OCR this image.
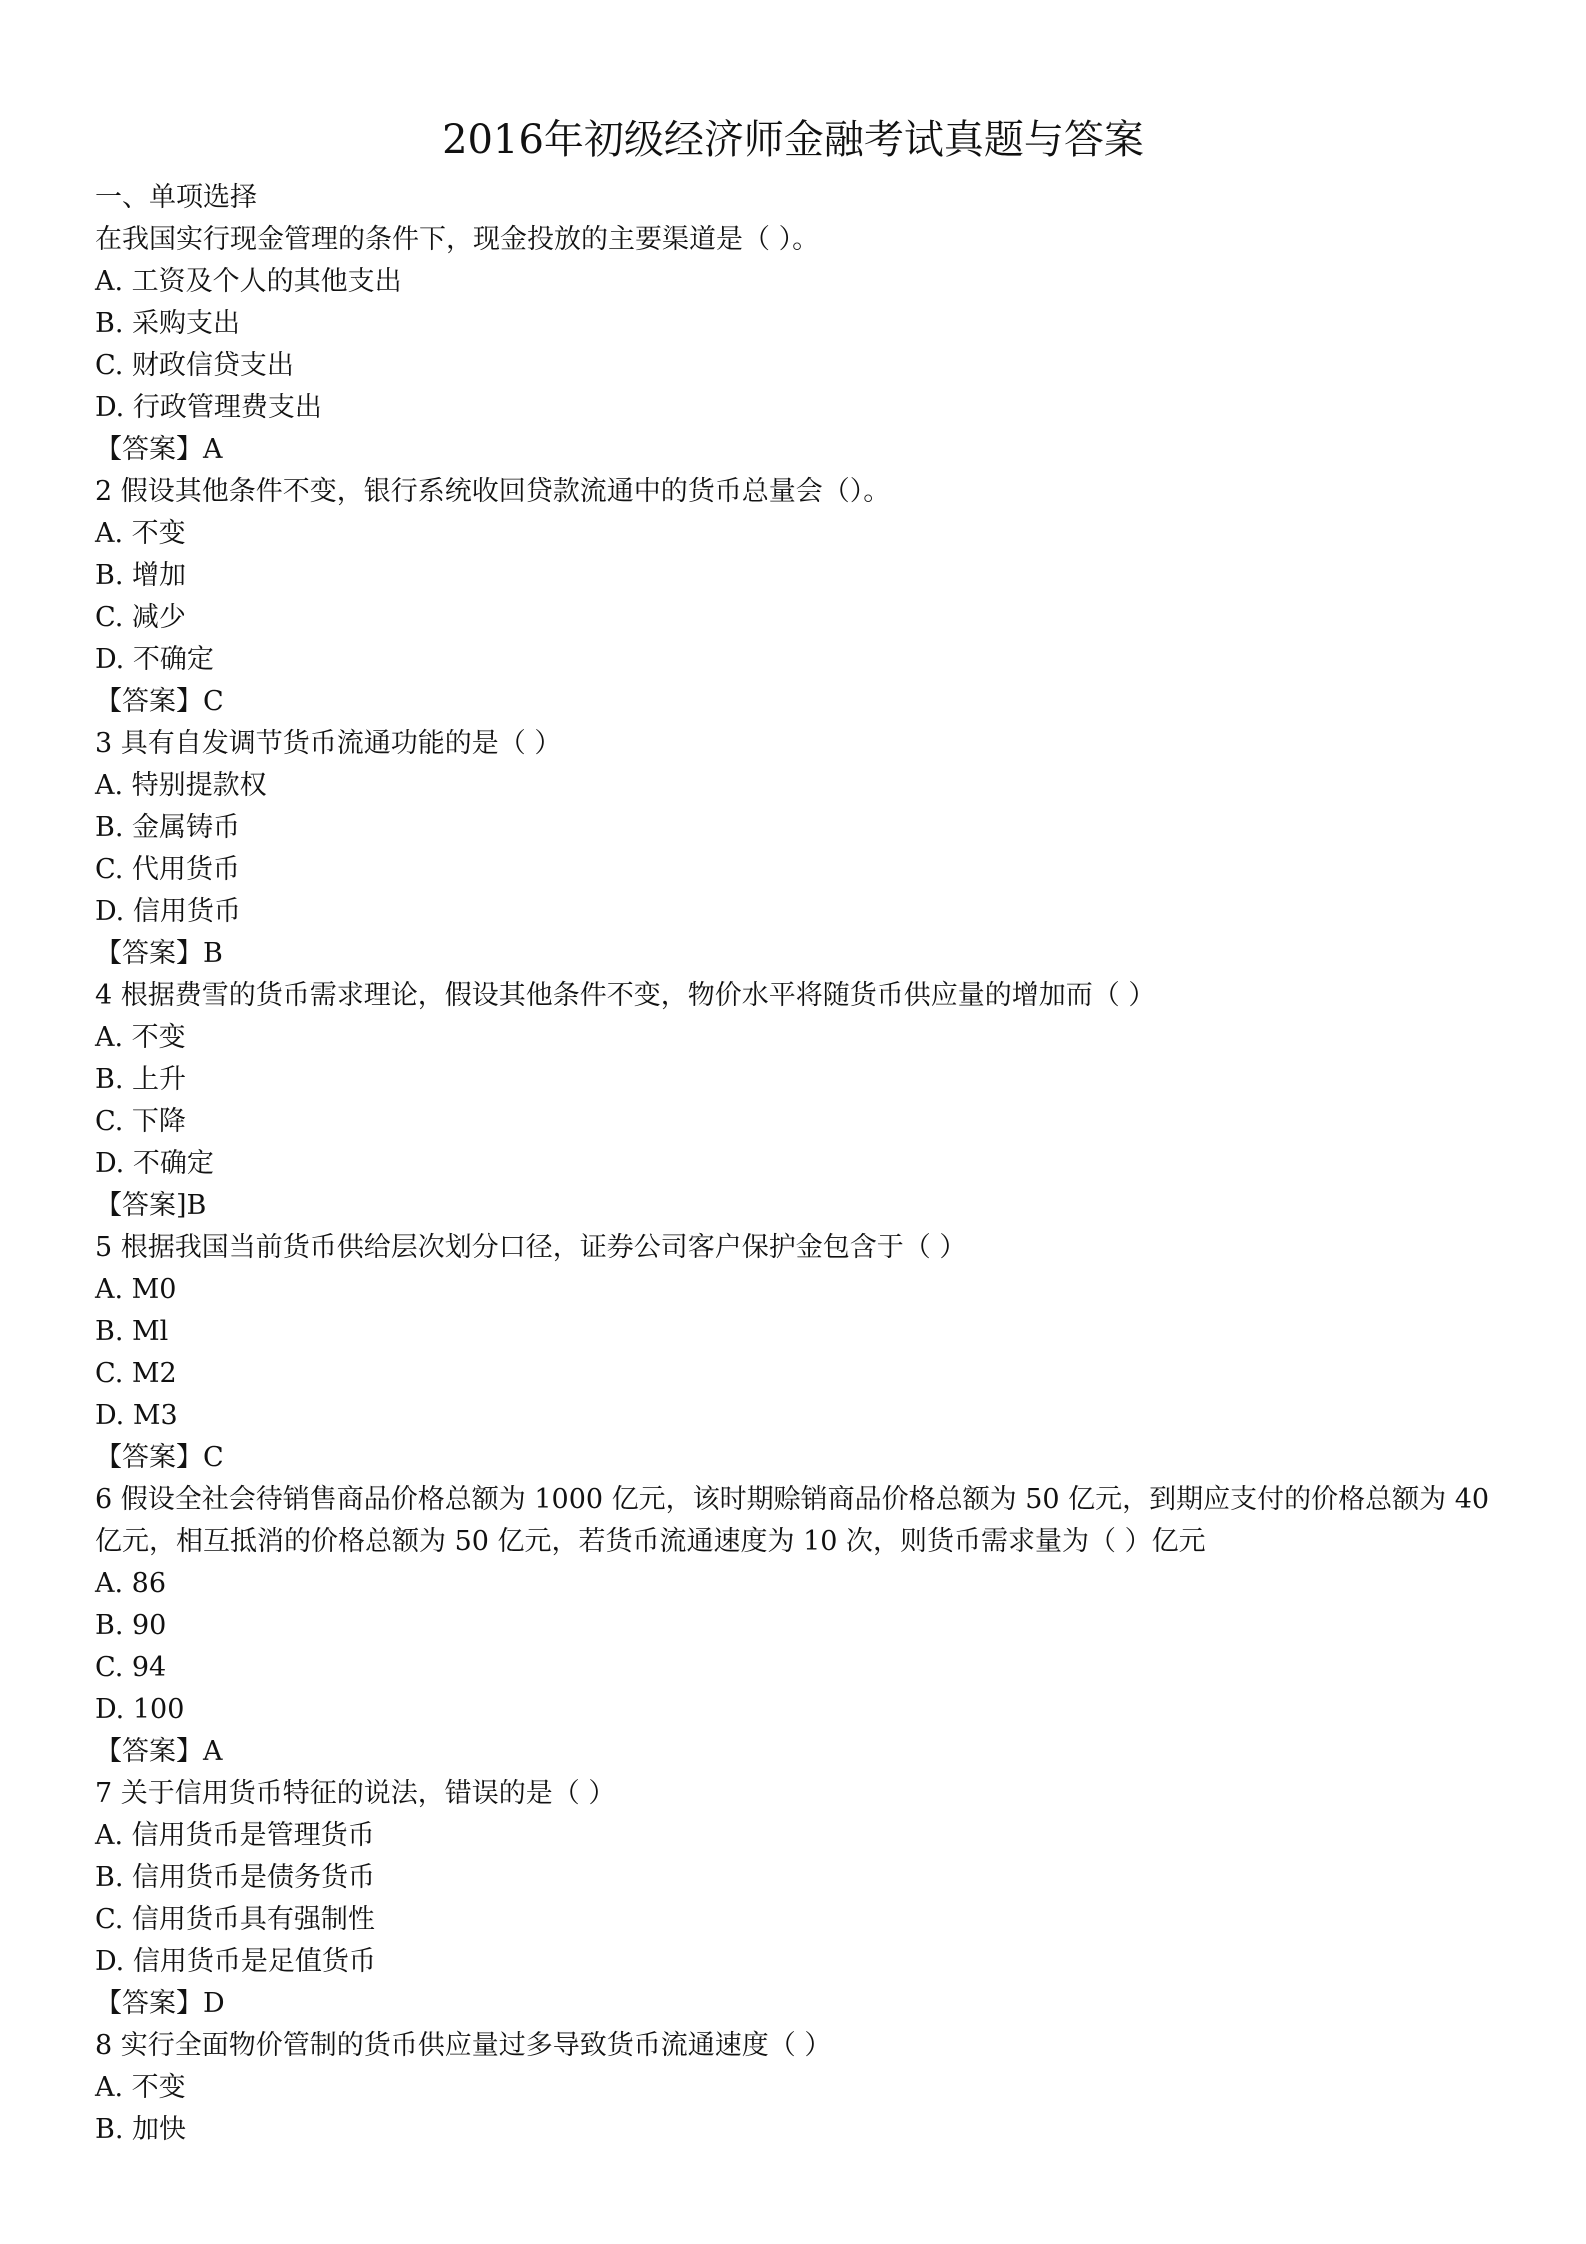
2016年初级经济师金融考试真题与答案
一、单项选择
在我国实行现金管理的条件下，现金投放的主要渠道是（ ）。
A. 工资及个人的其他支出
B. 采购支出
C. 财政信贷支出
D. 行政管理费支出
【答案】A
2 假设其他条件不变，银行系统收回贷款流通中的货币总量会（）。
A. 不变
B. 增加
C. 减少
D. 不确定
【答案】C
3 具有自发调节货币流通功能的是（ ）
A. 特别提款权
B. 金属铸币
C. 代用货币
D. 信用货币
【答案】B
4 根据费雪的货币需求理论，假设其他条件不变，物价水平将随货币供应量的增加而（ ）
A. 不变
B. 上升
C. 下降
D. 不确定
【答案]B
5 根据我国当前货币供给层次划分口径，证券公司客户保护金包含于（ ）
A. M0
B. Ml
C. M2
D. M3
【答案】C
6 假设全社会待销售商品价格总额为 1000 亿元，该时期赊销商品价格总额为 50 亿元，到期应支付的价格总额为 40 亿元，相互抵消的价格总额为 50 亿元，若货币流通速度为 10 次，则货币需求量为（ ）亿元
A. 86
B. 90
C. 94
D. 100
【答案】A
7 关于信用货币特征的说法，错误的是（ ）
A. 信用货币是管理货币
B. 信用货币是债务货币
C. 信用货币具有强制性
D. 信用货币是足值货币
【答案】D
8 实行全面物价管制的货币供应量过多导致货币流通速度（ ）
A. 不变
B. 加快
